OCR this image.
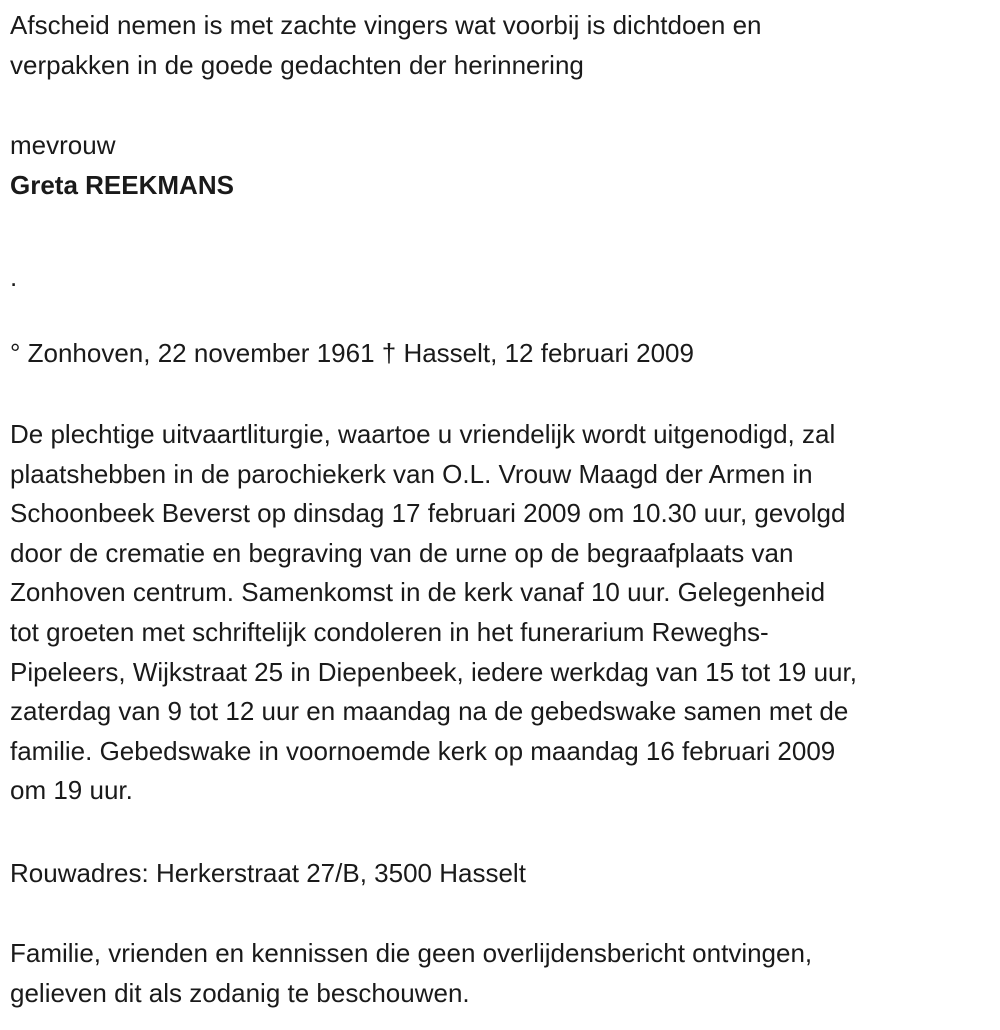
Afscheid nemen is met zachte vingers wat voorbij is dichtdoen en
verpakken in de goede gedachten der herinnering
mevrouw
Greta REEKMANS
.
° Zonhoven, 22 november 1961 † Hasselt, 12 februari 2009
De plechtige uitvaartliturgie, waartoe u vriendelijk wordt uitgenodigd, zal
plaatshebben in de parochiekerk van O.L. Vrouw Maagd der Armen in
Schoonbeek Beverst op dinsdag 17 februari 2009 om 10.30 uur, gevolgd
door de crematie en begraving van de urne op de begraafplaats van
Zonhoven centrum. Samenkomst in de kerk vanaf 10 uur. Gelegenheid
tot groeten met schriftelijk condoleren in het funerarium Reweghs-
Pipeleers, Wijkstraat 25 in Diepenbeek, iedere werkdag van 15 tot 19 uur,
zaterdag van 9 tot 12 uur en maandag na de gebedswake samen met de
familie. Gebedswake in voornoemde kerk op maandag 16 februari 2009
om 19 uur.
Rouwadres: Herkerstraat 27/B, 3500 Hasselt
Familie, vrienden en kennissen die geen overlijdensbericht ontvingen,
gelieven dit als zodanig te beschouwen.
